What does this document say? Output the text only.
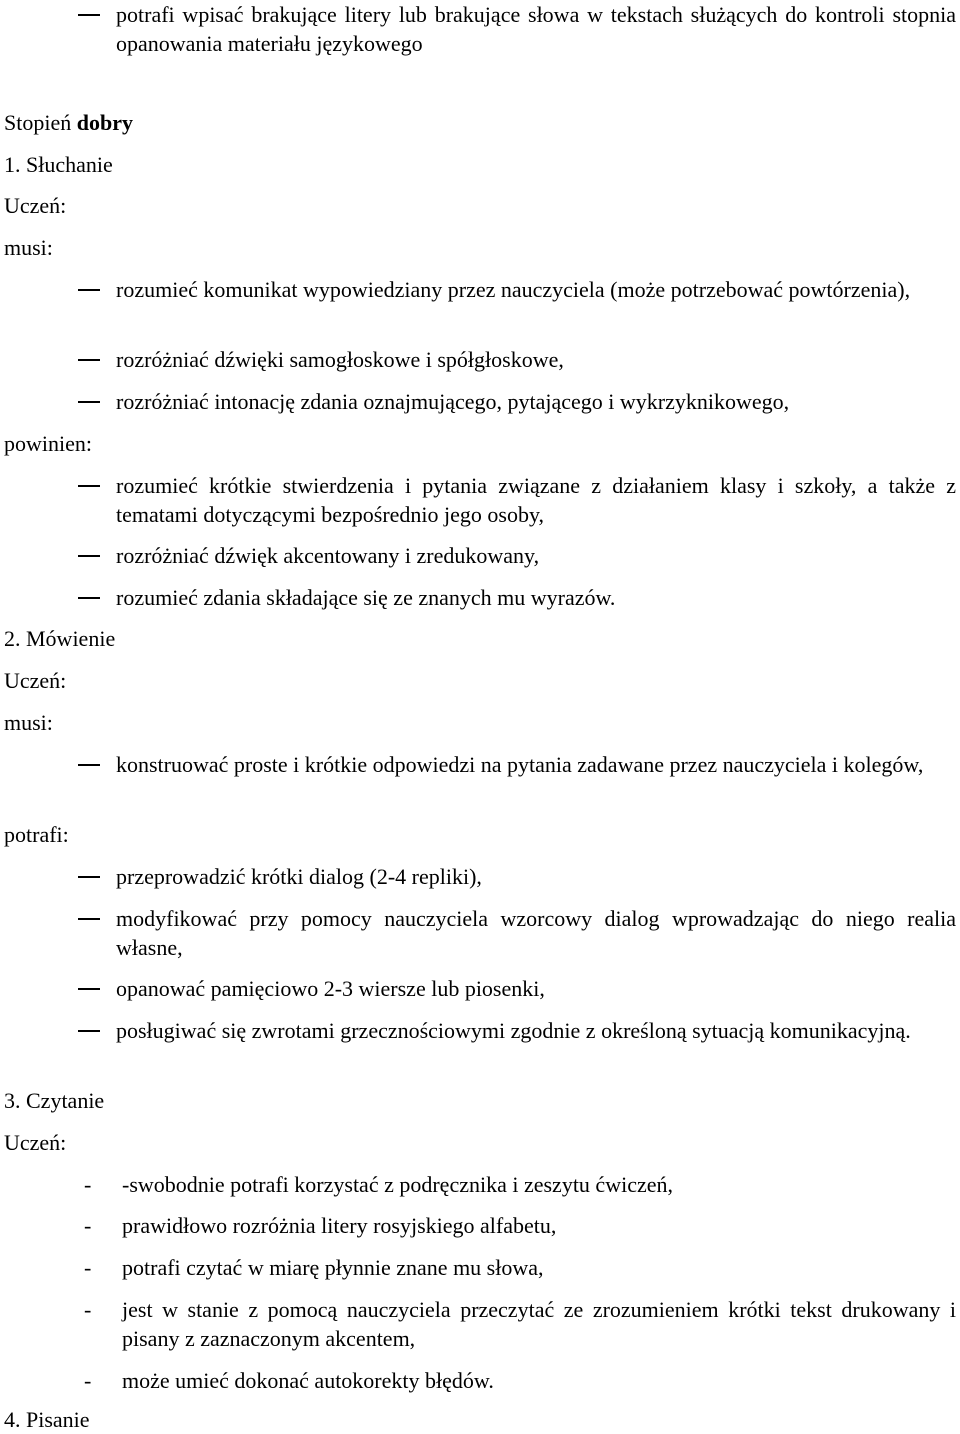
potrafi wpisać brakujące litery lub brakujące słowa w tekstach służących do kontroli stopnia opanowania materiału językowego
Stopień dobry
1. Słuchanie
Uczeń:
musi:
rozumieć komunikat wypowiedziany przez nauczyciela (może potrzebować powtórzenia),
rozróżniać dźwięki samogłoskowe i spółgłoskowe,
rozróżniać intonację zdania oznajmującego, pytającego i wykrzyknikowego,
powinien:
rozumieć krótkie stwierdzenia i pytania związane z działaniem klasy i szkoły, a także z tematami dotyczącymi bezpośrednio jego osoby,
rozróżniać dźwięk akcentowany i zredukowany,
rozumieć zdania składające się ze znanych mu wyrazów.
2. Mówienie
Uczeń:
musi:
konstruować proste i krótkie odpowiedzi na pytania zadawane przez nauczyciela i kolegów,
potrafi:
przeprowadzić krótki dialog (2-4 repliki),
modyfikować przy pomocy nauczyciela wzorcowy dialog wprowadzając do niego realia własne,
opanować pamięciowo 2-3 wiersze lub piosenki,
posługiwać się zwrotami grzecznościowymi zgodnie z określoną sytuacją komunikacyjną.
3. Czytanie
Uczeń:
- -swobodnie potrafi korzystać z podręcznika i zeszytu ćwiczeń,
- prawidłowo rozróżnia litery rosyjskiego alfabetu,
- potrafi czytać w miarę płynnie znane mu słowa,
- jest w stanie z pomocą nauczyciela przeczytać ze zrozumieniem krótki tekst drukowany i pisany z zaznaczonym akcentem,
- może umieć dokonać autokorekty błędów.
4. Pisanie
